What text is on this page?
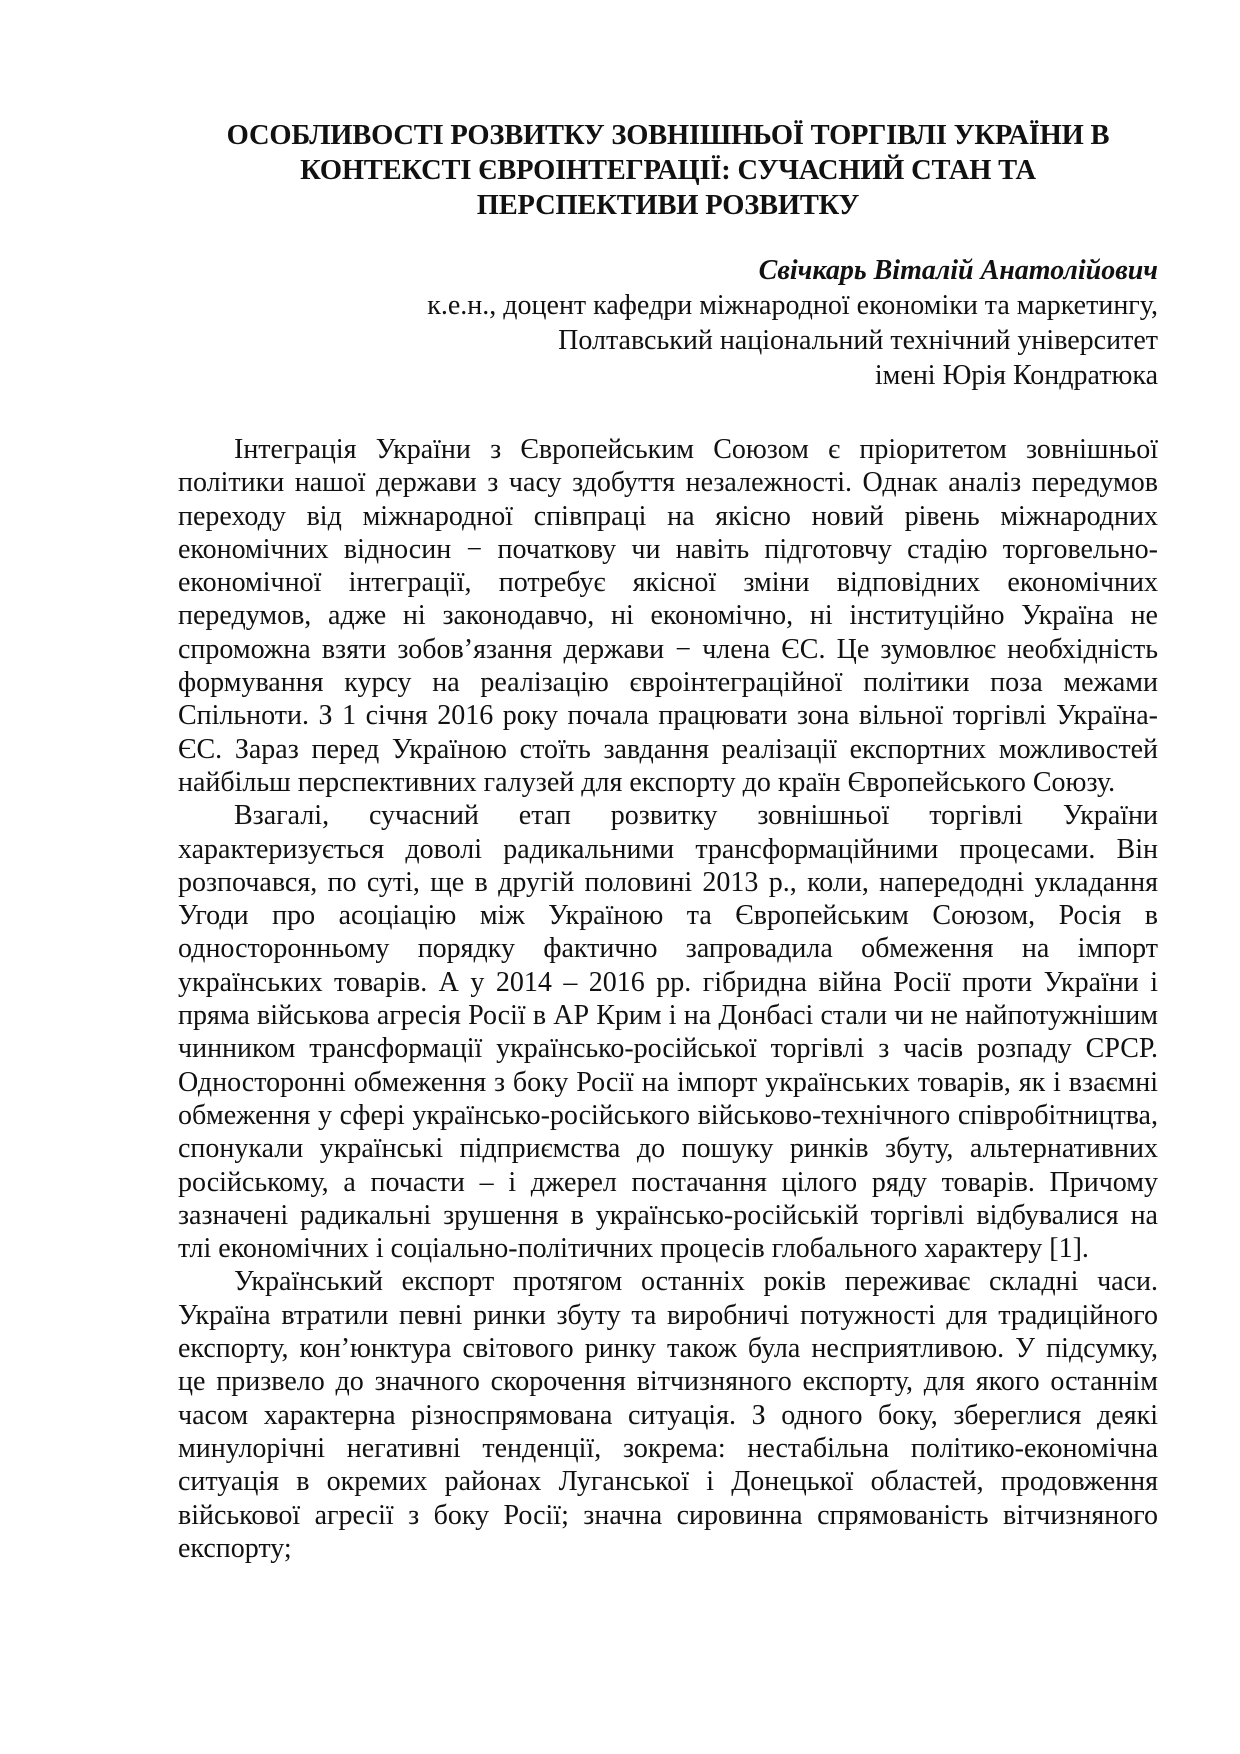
ОСОБЛИВОСТІ РОЗВИТКУ ЗОВНІШНЬОЇ ТОРГІВЛІ УКРАЇНИ В
КОНТЕКСТІ ЄВРОІНТЕГРАЦІЇ: СУЧАСНИЙ СТАН ТА
ПЕРСПЕКТИВИ РОЗВИТКУ
Свічкарь Віталій Анатолійович
к.е.н., доцент кафедри міжнародної економіки та маркетингу,
Полтавський національний технічний університет
імені Юрія Кондратюка

Інтеграція України з Європейським Союзом є пріоритетом зовнішньої політики нашої держави з часу здобуття незалежності. Однак аналіз передумов переходу від міжнародної співпраці на якісно новий рівень міжнародних економічних відносин − початкову чи навіть підготовчу стадію торговельно-економічної інтеграції, потребує якісної зміни відповідних економічних передумов, адже ні законодавчо, ні економічно, ні інституційно Україна не спроможна взяти зобов’язання держави − члена ЄС. Це зумовлює необхідність формування курсу на реалізацію євроінтеграційної політики поза межами Спільноти. З 1 січня 2016 року почала працювати зона вільної торгівлі Україна-ЄС. Зараз перед Україною стоїть завдання реалізації експортних можливостей найбільш перспективних галузей для експорту до країн Європейського Союзу.

Взагалі, сучасний етап розвитку зовнішньої торгівлі України характеризується доволі радикальними трансформаційними процесами. Він розпочався, по суті, ще в другій половині 2013 р., коли, напередодні укладання Угоди про асоціацію між Україною та Європейським Союзом, Росія в односторонньому порядку фактично запровадила обмеження на імпорт українських товарів. А у 2014 – 2016 рр. гібридна війна Росії проти України і пряма військова агресія Росії в АР Крим і на Донбасі стали чи не найпотужнішим чинником трансформації українсько-російської торгівлі з часів розпаду СРСР. Односторонні обмеження з боку Росії на імпорт українських товарів, як і взаємні обмеження у сфері українсько-російського військово-технічного співробітництва, спонукали українські підприємства до пошуку ринків збуту, альтернативних російському, а почасти – і джерел постачання цілого ряду товарів. Причому зазначені радикальні зрушення в українсько-російській торгівлі відбувалися на тлі економічних і соціально-політичних процесів глобального характеру [1].

Український експорт протягом останніх років переживає складні часи. Україна втратили певні ринки збуту та виробничі потужності для традиційного експорту, кон’юнктура світового ринку також була несприятливою. У підсумку, це призвело до значного скорочення вітчизняного експорту, для якого останнім часом характерна різноспрямована ситуація. З одного боку, збереглися деякі минулорічні негативні тенденції, зокрема: нестабільна політико-економічна ситуація в окремих районах Луганської і Донецької областей, продовження військової агресії з боку Росії; значна сировинна спрямованість вітчизняного експорту;
